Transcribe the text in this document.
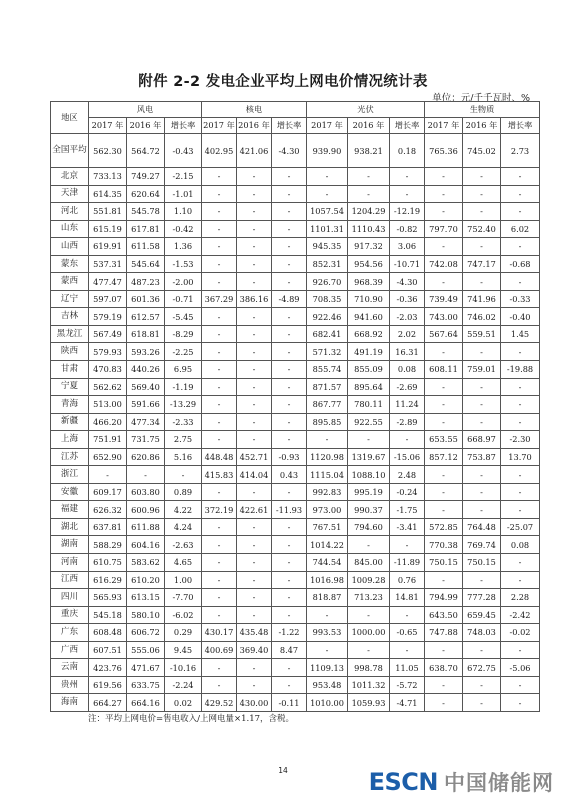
附件 2-2 发电企业平均上网电价情况统计表
单位：元/千千瓦时、%
地区	风电			核电			光伏			生物质		
	2017 年	2016 年	增长率	2017 年	2016 年	增长率	2017 年	2016 年	增长率	2017 年	2016 年	增长率
全国平均	562.30	564.72	-0.43	402.95	421.06	-4.30	939.90	938.21	0.18	765.36	745.02	2.73
北京	733.13	749.27	-2.15	-	-	-	-	-	-	-	-	-
天津	614.35	620.64	-1.01	-	-	-	-	-	-	-	-	-
河北	551.81	545.78	1.10	-	-	-	1057.54	1204.29	-12.19	-	-	-
山东	615.19	617.81	-0.42	-	-	-	1101.31	1110.43	-0.82	797.70	752.40	6.02
山西	619.91	611.58	1.36	-	-	-	945.35	917.32	3.06	-	-	-
蒙东	537.31	545.64	-1.53	-	-	-	852.31	954.56	-10.71	742.08	747.17	-0.68
蒙西	477.47	487.23	-2.00	-	-	-	926.70	968.39	-4.30	-	-	-
辽宁	597.07	601.36	-0.71	367.29	386.16	-4.89	708.35	710.90	-0.36	739.49	741.96	-0.33
吉林	579.19	612.57	-5.45	-	-	-	922.46	941.60	-2.03	743.00	746.02	-0.40
黑龙江	567.49	618.81	-8.29	-	-	-	682.41	668.92	2.02	567.64	559.51	1.45
陕西	579.93	593.26	-2.25	-	-	-	571.32	491.19	16.31	-	-	-
甘肃	470.83	440.26	6.95	-	-	-	855.74	855.09	0.08	608.11	759.01	-19.88
宁夏	562.62	569.40	-1.19	-	-	-	871.57	895.64	-2.69	-	-	-
青海	513.00	591.66	-13.29	-	-	-	867.77	780.11	11.24	-	-	-
新疆	466.20	477.34	-2.33	-	-	-	895.85	922.55	-2.89	-	-	-
上海	751.91	731.75	2.75	-	-	-	-	-	-	653.55	668.97	-2.30
江苏	652.90	620.86	5.16	448.48	452.71	-0.93	1120.98	1319.67	-15.06	857.12	753.87	13.70
浙江	-	-	-	415.83	414.04	0.43	1115.04	1088.10	2.48	-	-	-
安徽	609.17	603.80	0.89	-	-	-	992.83	995.19	-0.24	-	-	-
福建	626.32	600.96	4.22	372.19	422.61	-11.93	973.00	990.37	-1.75	-	-	-
湖北	637.81	611.88	4.24	-	-	-	767.51	794.60	-3.41	572.85	764.48	-25.07
湖南	588.29	604.16	-2.63	-	-	-	1014.22	-	-	770.38	769.74	0.08
河南	610.75	583.62	4.65	-	-	-	744.54	845.00	-11.89	750.15	750.15	-
江西	616.29	610.20	1.00	-	-	-	1016.98	1009.28	0.76	-	-	-
四川	565.93	613.15	-7.70	-	-	-	818.87	713.23	14.81	794.99	777.28	2.28
重庆	545.18	580.10	-6.02	-	-	-	-	-	-	643.50	659.45	-2.42
广东	608.48	606.72	0.29	430.17	435.48	-1.22	993.53	1000.00	-0.65	747.88	748.03	-0.02
广西	607.51	555.06	9.45	400.69	369.40	8.47	-	-	-	-	-	-
云南	423.76	471.67	-10.16	-	-	-	1109.13	998.78	11.05	638.70	672.75	-5.06
贵州	619.56	633.75	-2.24	-	-	-	953.48	1011.32	-5.72	-	-	-
海南	664.27	664.16	0.02	429.52	430.00	-0.11	1010.00	1059.93	-4.71	-	-	-
注：平均上网电价=售电收入/上网电量×1.17，含税。
14	ESCN 中国储能网
